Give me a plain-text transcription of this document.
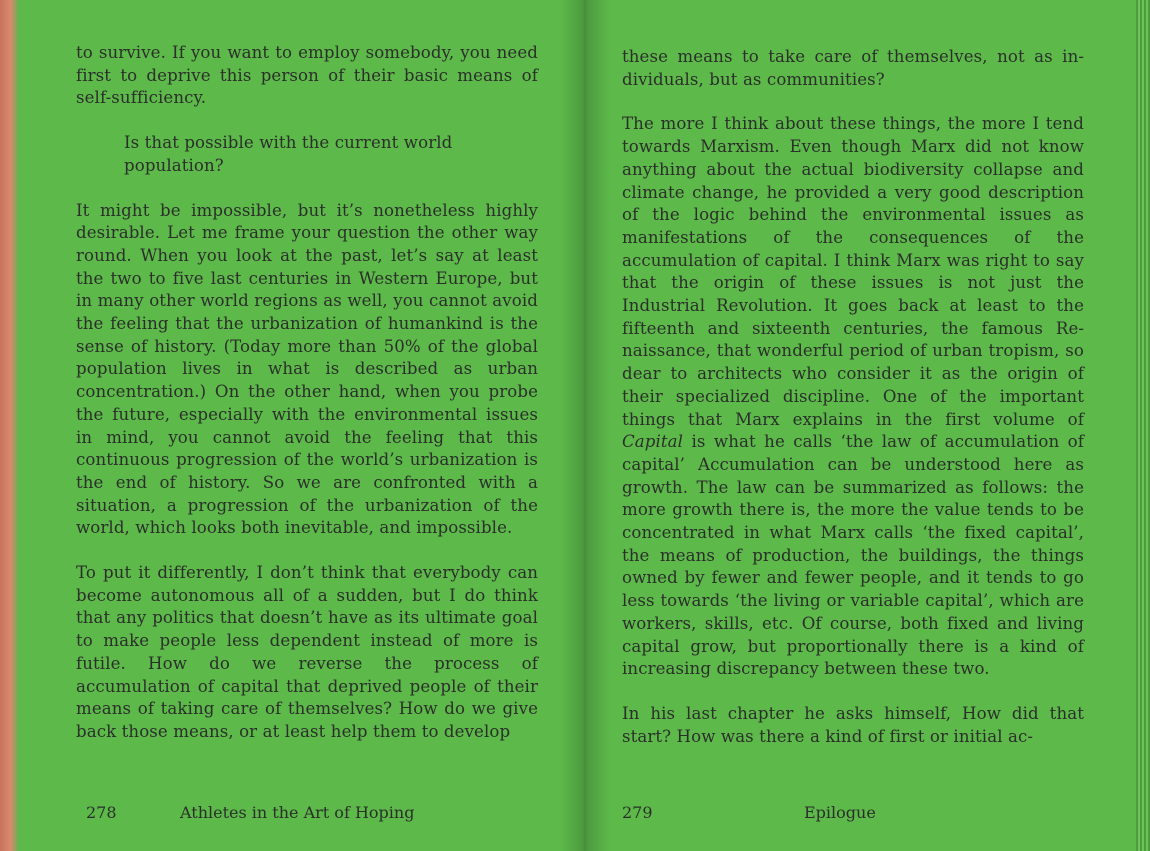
to survive. If you want to employ somebody, you need first to deprive this person of their basic means of self-sufficiency.

Is that possible with the current world population?

It might be impossible, but it’s nonetheless highly desirable. Let me frame your question the other way round. When you look at the past, let’s say at least the two to five last centuries in Western Europe, but in many other world regions as well, you cannot avoid the feeling that the urbanization of humankind is the sense of history. (Today more than 50% of the global population lives in what is described as urban concentration.) On the other hand, when you probe the future, especially with the environmental issues in mind, you cannot avoid the feeling that this continuous progression of the world’s urbanization is the end of history. So we are confronted with a situation, a progression of the urbanization of the world, which looks both inevitable, and impossible.

To put it differently, I don’t think that everybody can become autonomous all of a sudden, but I do think that any politics that doesn’t have as its ultimate goal to make people less dependent instead of more is futile. How do we reverse the process of accumulation of capital that deprived people of their means of taking care of themselves? How do we give back those means, or at least help them to develop

278	Athletes in the Art of Hoping

these means to take care of themselves, not as individuals, but as communities?

The more I think about these things, the more I tend towards Marxism. Even though Marx did not know anything about the actual biodiversity collapse and climate change, he provided a very good description of the logic behind the environmental issues as manifestations of the consequences of the accumulation of capital. I think Marx was right to say that the origin of these issues is not just the Industrial Revolution. It goes back at least to the fifteenth and sixteenth centuries, the famous Renaissance, that wonderful period of urban tropism, so dear to architects who consider it as the origin of their specialized discipline. One of the important things that Marx explains in the first volume of Capital is what he calls ‘the law of accumulation of capital’ Accumulation can be understood here as growth. The law can be summarized as follows: the more growth there is, the more the value tends to be concentrated in what Marx calls ‘the fixed capital’, the means of production, the buildings, the things owned by fewer and fewer people, and it tends to go less towards ‘the living or variable capital’, which are workers, skills, etc. Of course, both fixed and living capital grow, but proportionally there is a kind of increasing discrepancy between these two.

In his last chapter he asks himself, How did that start? How was there a kind of first or initial ac-

279	Epilogue
